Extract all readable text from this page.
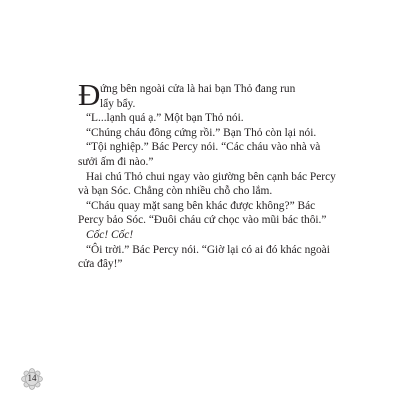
Đ ứng bên ngoài cửa là hai bạn Thỏ đang run
lẩy bẩy.

“L...lạnh quá ạ.” Một bạn Thỏ nói.

“Chúng cháu đông cứng rồi.” Bạn Thỏ còn lại nói.

“Tội nghiệp.” Bác Percy nói. “Các cháu vào nhà và sưởi ấm đi nào.”

Hai chú Thỏ chui ngay vào giường bên cạnh bác Percy và bạn Sóc. Chẳng còn nhiều chỗ cho lắm.

“Cháu quay mặt sang bên khác được không?” Bác Percy bảo Sóc. “Đuôi cháu cứ chọc vào mũi bác thôi.”

Cốc! Cốc!

“Ôi trời.” Bác Percy nói. “Giờ lại có ai đó khác ngoài cửa đây!”

14
